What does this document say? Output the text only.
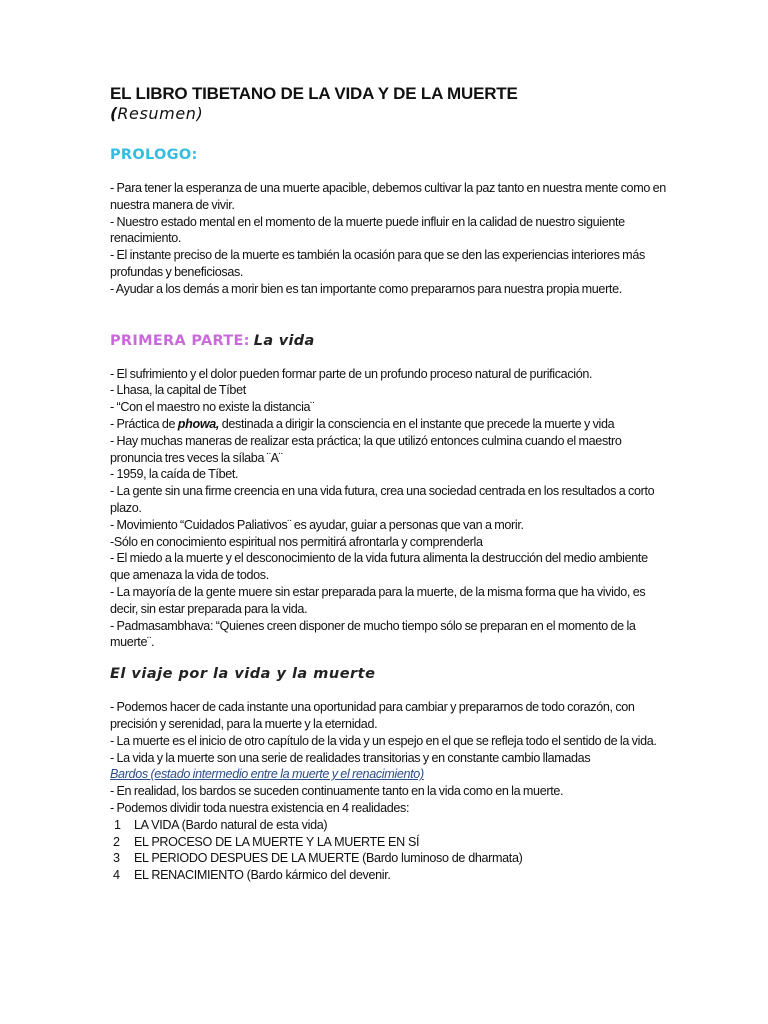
EL LIBRO TIBETANO DE LA VIDA Y DE LA MUERTE

(Resumen)

PROLOGO:

- Para tener la esperanza de una muerte apacible, debemos cultivar la paz tanto en nuestra mente como en nuestra manera de vivir.

- Nuestro estado mental en el momento de la muerte puede influir en la calidad de nuestro siguiente renacimiento.

- El instante preciso de la muerte es también la ocasión para que se den las experiencias interiores más profundas y beneficiosas.

- Ayudar a los demás a morir bien es tan importante como prepararnos para nuestra propia muerte.

PRIMERA PARTE: La vida

- El sufrimiento y el dolor pueden formar parte de un profundo proceso natural de purificación.

- Lhasa, la capital de Tíbet

- “Con el maestro no existe la distancia¨

- Práctica de phowa, destinada a dirigir la consciencia en el instante que precede la muerte y vida

- Hay muchas maneras de realizar esta práctica; la que utilizó entonces culmina cuando el maestro pronuncia tres veces la sílaba ¨A¨

- 1959, la caída de Tíbet.

- La gente sin una firme creencia en una vida futura, crea una sociedad centrada en los resultados a corto plazo.

- Movimiento “Cuidados Paliativos¨ es ayudar, guiar a personas que van a morir.

-Sólo en conocimiento espiritual nos permitirá afrontarla y comprenderla

- El miedo a la muerte y el desconocimiento de la vida futura alimenta la destrucción del medio ambiente que amenaza la vida de todos.

- La mayoría de la gente muere sin estar preparada para la muerte, de la misma forma que ha vivido, es decir, sin estar preparada para la vida.

- Padmasambhava: “Quienes creen disponer de mucho tiempo sólo se preparan en el momento de la muerte¨.

El viaje por la vida y la muerte

- Podemos hacer de cada instante una oportunidad para cambiar y prepararnos de todo corazón, con precisión y serenidad, para la muerte y la eternidad.

- La muerte es el inicio de otro capítulo de la vida y un espejo en el que se refleja todo el sentido de la vida.

- La vida y la muerte son una serie de realidades transitorias y en constante cambio llamadas

Bardos (estado intermedio entre la muerte y el renacimiento)

- En realidad, los bardos se suceden continuamente tanto en la vida como en la muerte.

- Podemos dividir toda nuestra existencia en 4 realidades:

1	LA VIDA (Bardo natural de esta vida)

2	EL PROCESO DE LA MUERTE Y LA MUERTE EN SÍ

3	EL PERIODO DESPUES DE LA MUERTE (Bardo luminoso de dharmata)

4	EL RENACIMIENTO (Bardo kármico del devenir.
